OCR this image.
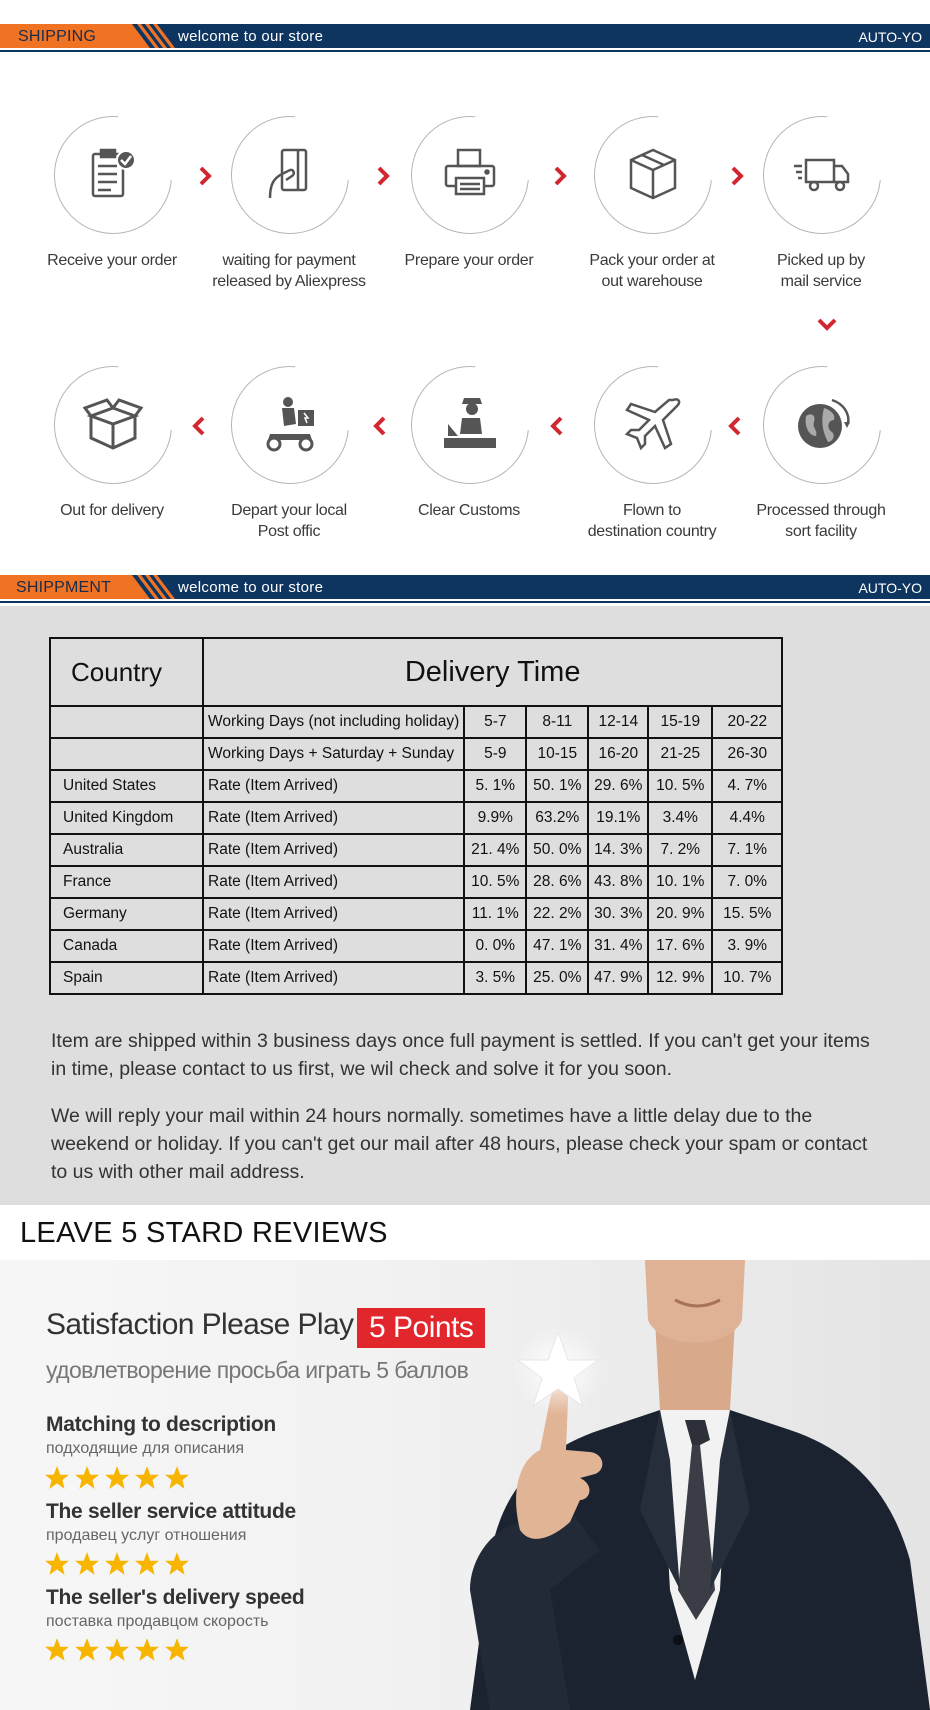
SHIPPING	welcome to our store	AUTO-YO
Receive your order	waiting for payment
released by Aliexpress
Prepare your order	Pack your order at
out warehouse
Picked up by
mail service
Out for delivery	Depart your local
Post offic
Clear Customs	Flown to
destination country
Processed through
sort facility
SHIPPMENT	welcome to our store	AUTO-YO
Country	Delivery Time					
	Working Days (not including holiday)	5-7	8-11	12-14	15-19	20-22
	Working Days + Saturday + Sunday	5-9	10-15	16-20	21-25	26-30
United States	Rate (Item Arrived)	5. 1%	50. 1%	29. 6%	10. 5%	4. 7%
United Kingdom	Rate (Item Arrived)	9.9%	63.2%	19.1%	3.4%	4.4%
Australia	Rate (Item Arrived)	21. 4%	50. 0%	14. 3%	7. 2%	7. 1%
France	Rate (Item Arrived)	10. 5%	28. 6%	43. 8%	10. 1%	7. 0%
Germany	Rate (Item Arrived)	11. 1%	22. 2%	30. 3%	20. 9%	15. 5%
Canada	Rate (Item Arrived)	0. 0%	47. 1%	31. 4%	17. 6%	3. 9%
Spain	Rate (Item Arrived)	3. 5%	25. 0%	47. 9%	12. 9%	10. 7%

Item are shipped within 3 business days once full payment is settled. If you can't get your items in time, please contact to us first, we wil check and solve it for you soon.

We will reply your mail within 24 hours normally. sometimes have a little delay due to the weekend or holiday. If you can't get our mail after 48 hours, please check your spam or contact to us with other mail address.

LEAVE 5 STARD REVIEWS
Satisfaction Please Play 5 Points
удовлетворение просьба играть 5 баллов
Matching to description
подходящие для описания
The seller service attitude
продавец услуг отношения
The seller's delivery speed
поставка продавцом скорость
